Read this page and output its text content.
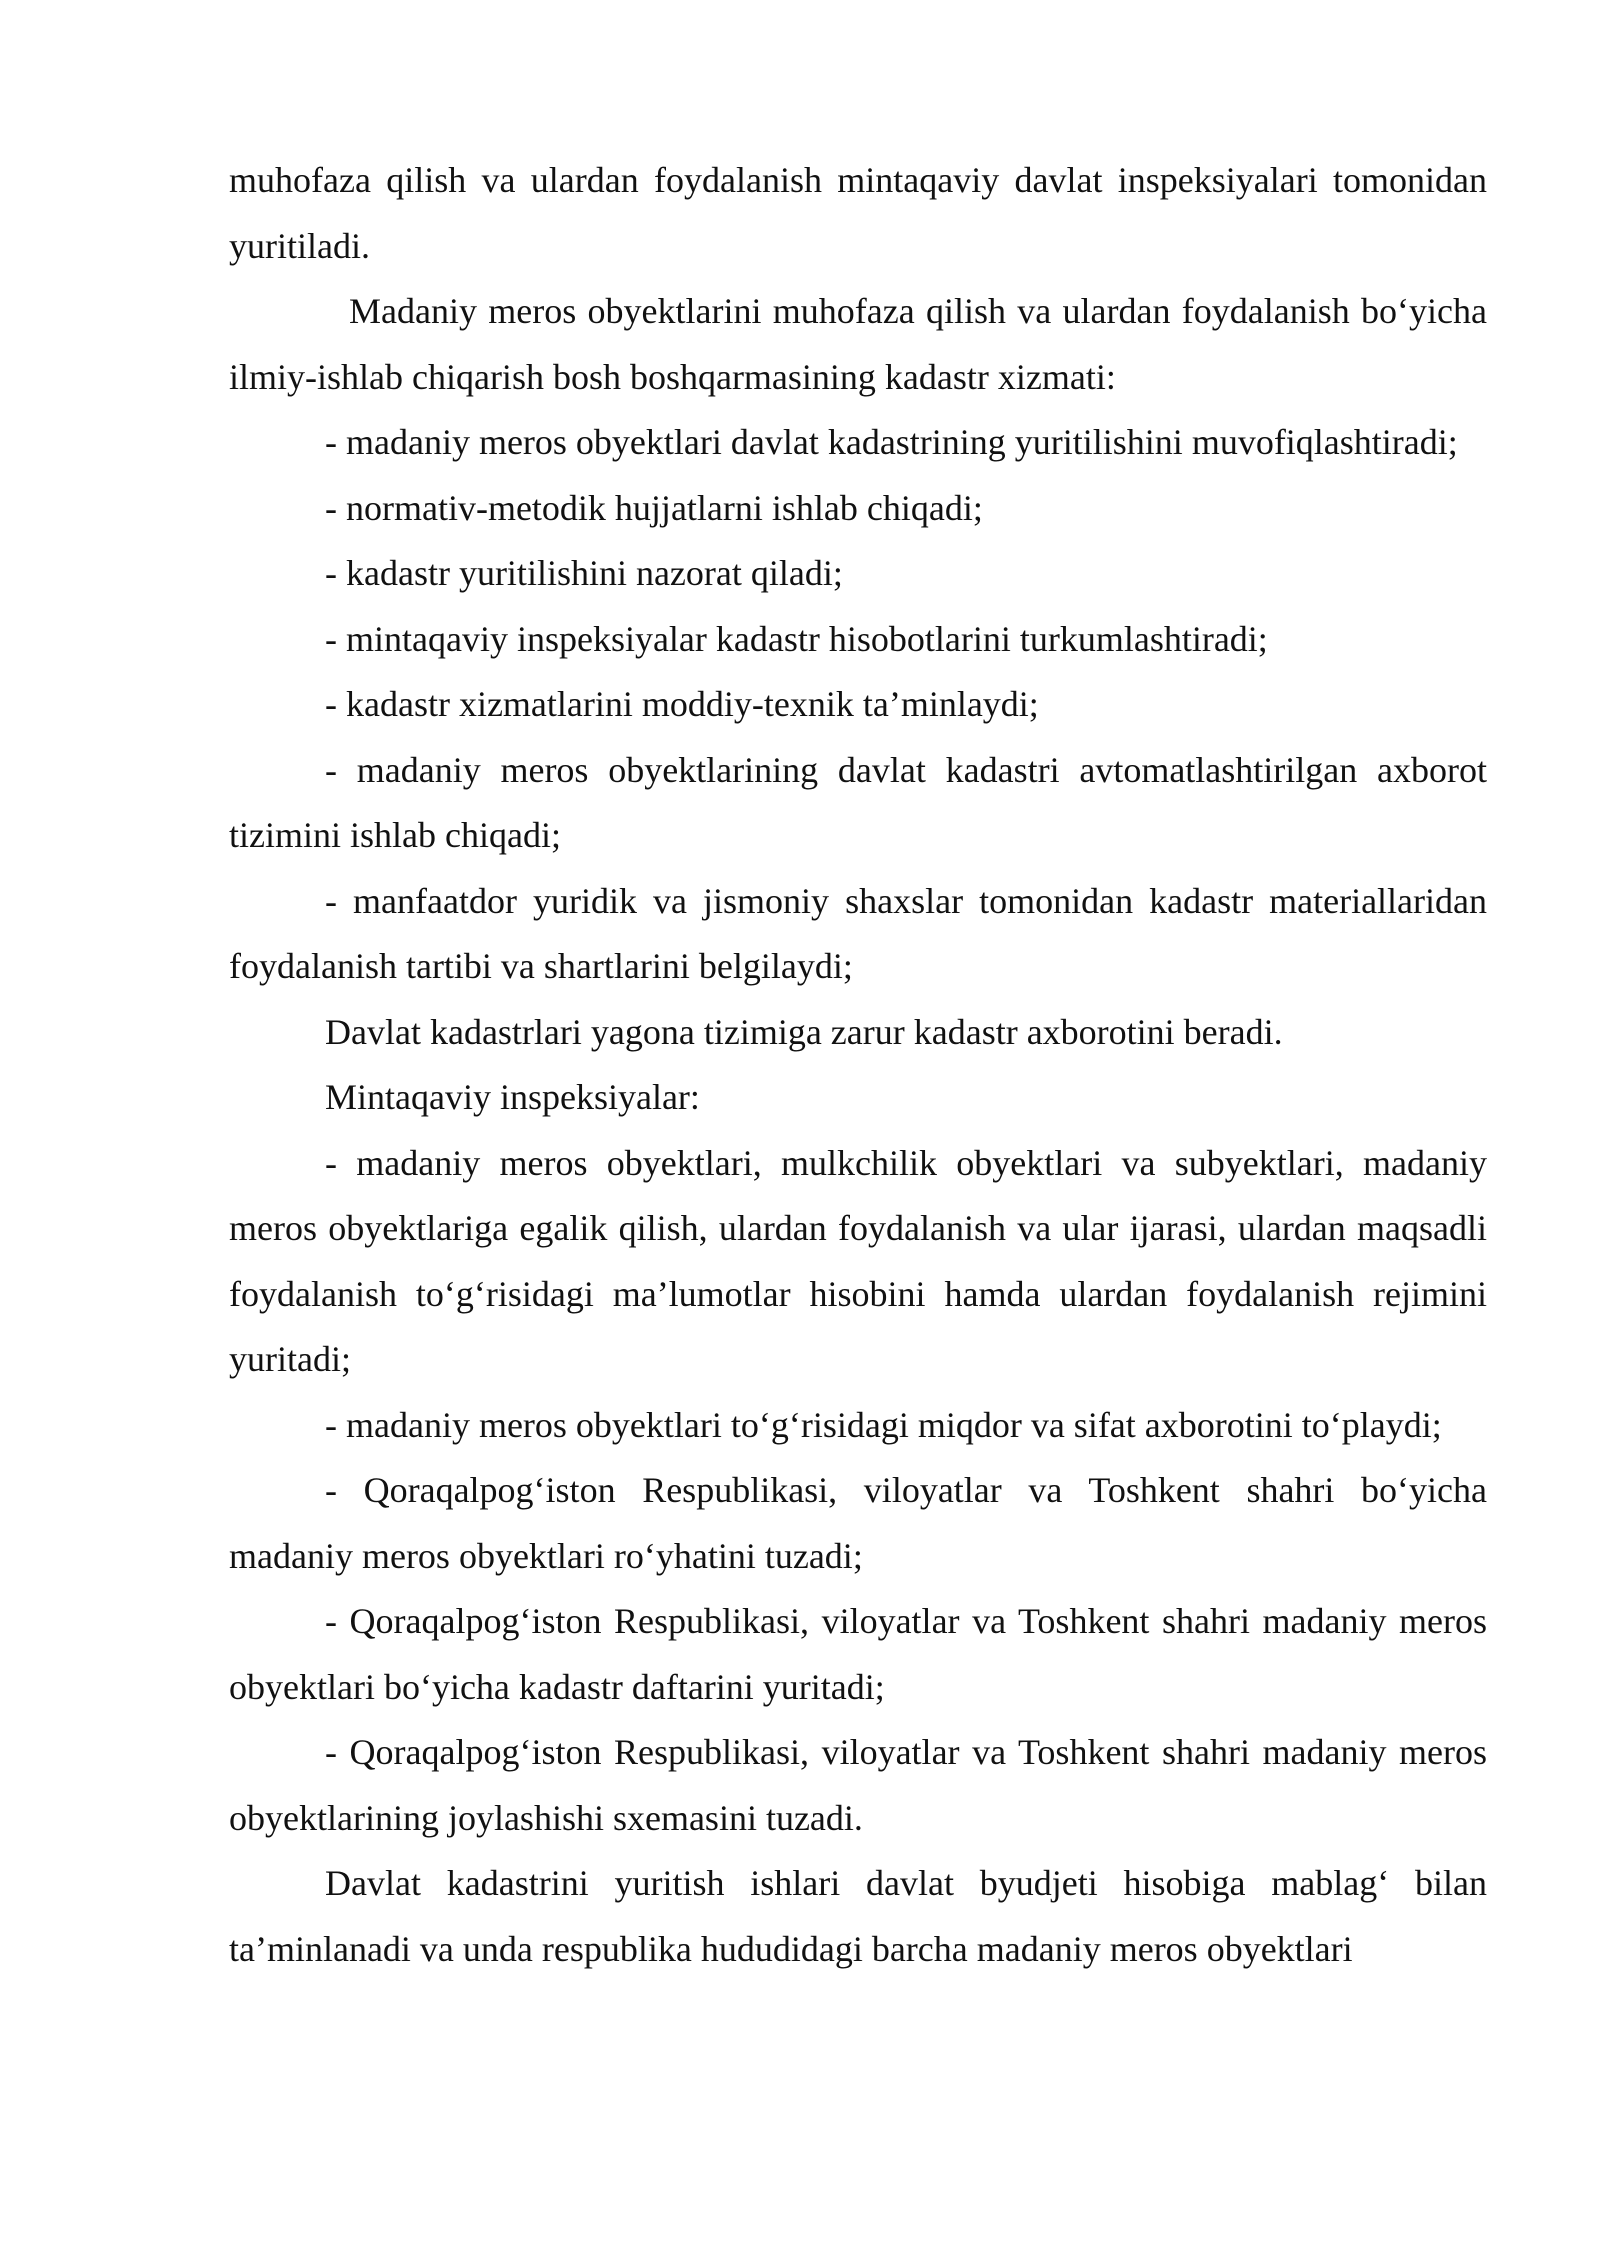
muhofaza qilish va ulardan foydalanish mintaqaviy davlat inspeksiyalari tomonidan yuritiladi.

Madaniy meros obyektlarini muhofaza qilish va ulardan foydalanish bo‘yicha ilmiy-ishlab chiqarish bosh boshqarmasining kadastr xizmati:

- madaniy meros obyektlari davlat kadastrining yuritilishini muvofiqlashtiradi;

- normativ-metodik hujjatlarni ishlab chiqadi;

- kadastr yuritilishini nazorat qiladi;

- mintaqaviy inspeksiyalar kadastr hisobotlarini turkumlashtiradi;

- kadastr xizmatlarini moddiy-texnik ta’minlaydi;

- madaniy meros obyektlarining davlat kadastri avtomatlashtirilgan axborot tizimini ishlab chiqadi;

- manfaatdor yuridik va jismoniy shaxslar tomonidan kadastr materiallaridan foydalanish tartibi va shartlarini belgilaydi;

Davlat kadastrlari yagona tizimiga zarur kadastr axborotini beradi.

Mintaqaviy inspeksiyalar:

- madaniy meros obyektlari, mulkchilik obyektlari va subyektlari, madaniy meros obyektlariga egalik qilish, ulardan foydalanish va ular ijarasi, ulardan maqsadli foydalanish to‘g‘risidagi ma’lumotlar hisobini hamda ulardan foydalanish rejimini yuritadi;

- madaniy meros obyektlari to‘g‘risidagi miqdor va sifat axborotini to‘playdi;

- Qoraqalpog‘iston Respublikasi, viloyatlar va Toshkent shahri bo‘yicha madaniy meros obyektlari ro‘yhatini tuzadi;

- Qoraqalpog‘iston Respublikasi, viloyatlar va Toshkent shahri madaniy meros obyektlari bo‘yicha kadastr daftarini yuritadi;

- Qoraqalpog‘iston Respublikasi, viloyatlar va Toshkent shahri madaniy meros obyektlarining joylashishi sxemasini tuzadi.

Davlat kadastrini yuritish ishlari davlat byudjeti hisobiga mablag‘ bilan ta’minlanadi va unda respublika hududidagi barcha madaniy meros obyektlari
